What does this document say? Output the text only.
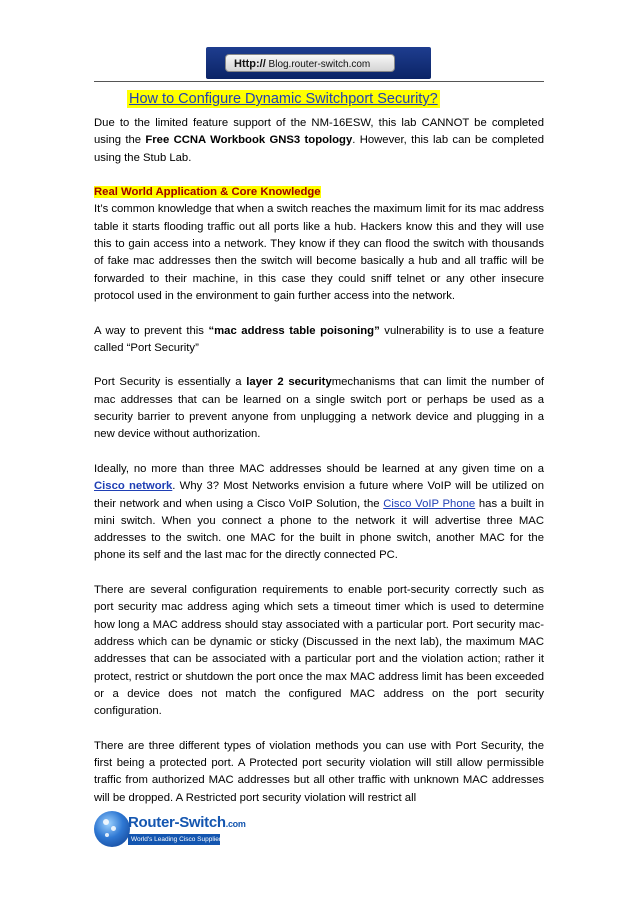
Http:// Blog.router-switch.com
How to Configure Dynamic Switchport Security?

Due to the limited feature support of the NM-16ESW, this lab CANNOT be completed using the Free CCNA Workbook GNS3 topology. However, this lab can be completed using the Stub Lab.

Real World Application & Core Knowledge

It’s common knowledge that when a switch reaches the maximum limit for its mac address table it starts flooding traffic out all ports like a hub. Hackers know this and they will use this to gain access into a network. They know if they can flood the switch with thousands of fake mac addresses then the switch will become basically a hub and all traffic will be forwarded to their machine, in this case they could sniff telnet or any other insecure protocol used in the environment to gain further access into the network.

A way to prevent this “mac address table poisoning” vulnerability is to use a feature called “Port Security”

Port Security is essentially a layer 2 securitymechanisms that can limit the number of mac addresses that can be learned on a single switch port or perhaps be used as a security barrier to prevent anyone from unplugging a network device and plugging in a new device without authorization.

Ideally, no more than three MAC addresses should be learned at any given time on a Cisco network. Why 3? Most Networks envision a future where VoIP will be utilized on their network and when using a Cisco VoIP Solution, the Cisco VoIP Phone has a built in mini switch. When you connect a phone to the network it will advertise three MAC addresses to the switch. one MAC for the built in phone switch, another MAC for the phone its self and the last mac for the directly connected PC.

There are several configuration requirements to enable port-security correctly such as port security mac address aging which sets a timeout timer which is used to determine how long a MAC address should stay associated with a particular port. Port security mac-address which can be dynamic or sticky (Discussed in the next lab), the maximum MAC addresses that can be associated with a particular port and the violation action; rather it protect, restrict or shutdown the port once the max MAC address limit has been exceeded or a device does not match the configured MAC address on the port security configuration.

There are three different types of violation methods you can use with Port Security, the first being a protected port. A Protected port security violation will still allow permissible traffic from authorized MAC addresses but all other traffic with unknown MAC addresses will be dropped. A Restricted port security violation will restrict all

Router-Switch.com
World's Leading Cisco Supplier™
